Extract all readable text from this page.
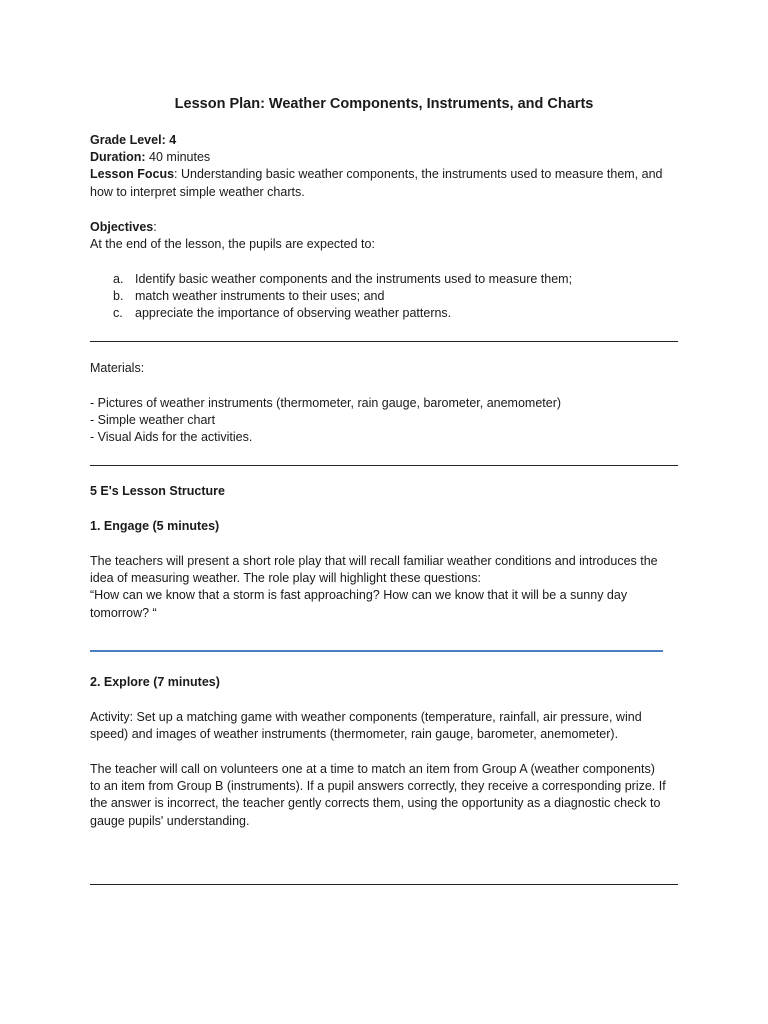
Lesson Plan: Weather Components, Instruments, and Charts
Grade Level: 4
Duration: 40 minutes
Lesson Focus: Understanding basic weather components, the instruments used to measure them, and
how to interpret simple weather charts.
Objectives:
At the end of the lesson, the pupils are expected to:
a. Identify basic weather components and the instruments used to measure them;
b. match weather instruments to their uses; and
c. appreciate the importance of observing weather patterns.
Materials:
- Pictures of weather instruments (thermometer, rain gauge, barometer, anemometer)
- Simple weather chart
- Visual Aids for the activities.
5 E's Lesson Structure
1. Engage (5 minutes)
The teachers will present a short role play that will recall familiar weather conditions and introduces the
idea of measuring weather. The role play will highlight these questions:
“How can we know that a storm is fast approaching? How can we know that it will be a sunny day
tomorrow? “
2. Explore (7 minutes)
Activity: Set up a matching game with weather components (temperature, rainfall, air pressure, wind
speed) and images of weather instruments (thermometer, rain gauge, barometer, anemometer).
The teacher will call on volunteers one at a time to match an item from Group A (weather components)
to an item from Group B (instruments). If a pupil answers correctly, they receive a corresponding prize. If
the answer is incorrect, the teacher gently corrects them, using the opportunity as a diagnostic check to
gauge pupils' understanding.
